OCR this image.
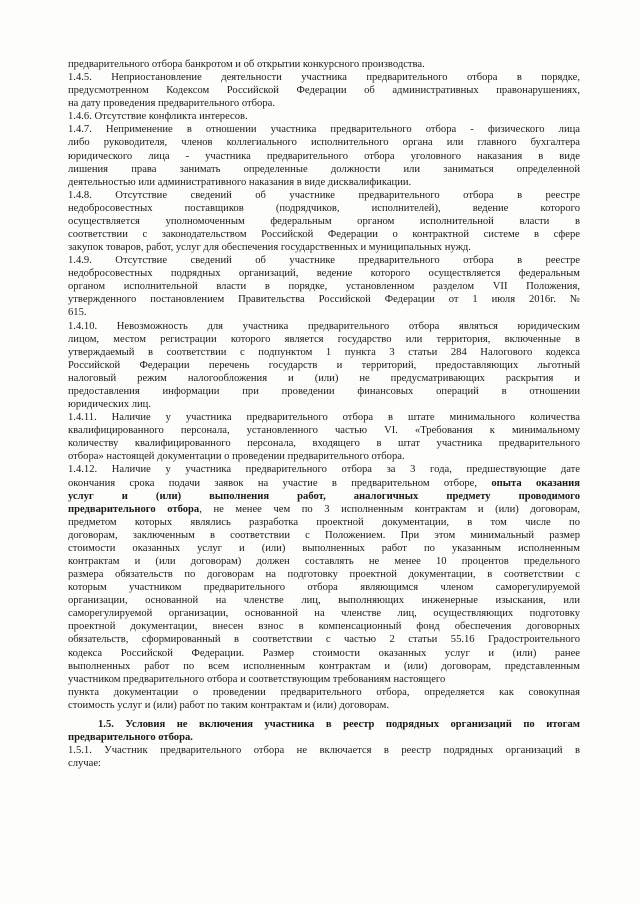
предварительного отбора банкротом и об открытии конкурсного производства.
1.4.5. Неприостановление деятельности участника предварительного отбора в порядке,
предусмотренном Кодексом Российской Федерации об административных правонарушениях,
на дату проведения предварительного отбора.
1.4.6. Отсутствие конфликта интересов.
1.4.7. Неприменение в отношении участника предварительного отбора - физического лица
либо руководителя, членов коллегиального исполнительного органа или главного бухгалтера
юридического лица - участника предварительного отбора уголовного наказания в виде
лишения права занимать определенные должности или заниматься определенной
деятельностью или административного наказания в виде дисквалификации.
1.4.8. Отсутствие сведений об участнике предварительного отбора в реестре
недобросовестных поставщиков (подрядчиков, исполнителей), ведение которого
осуществляется уполномоченным федеральным органом исполнительной власти в
соответствии с законодательством Российской Федерации о контрактной системе в сфере
закупок товаров, работ, услуг для обеспечения государственных и муниципальных нужд.
1.4.9. Отсутствие сведений об участнике предварительного отбора в реестре
недобросовестных подрядных организаций, ведение которого осуществляется федеральным
органом исполнительной власти в порядке, установленном разделом VII Положения,
утвержденного постановлением Правительства Российской Федерации от 1 июля 2016г. №
615.
1.4.10. Невозможность для участника предварительного отбора являться юридическим
лицом, местом регистрации которого является государство или территория, включенные в
утверждаемый в соответствии с подпунктом 1 пункта 3 статьи 284 Налогового кодекса
Российской Федерации перечень государств и территорий, предоставляющих льготный
налоговый режим налогообложения и (или) не предусматривающих раскрытия и
предоставления информации при проведении финансовых операций в отношении
юридических лиц.
1.4.11. Наличие у участника предварительного отбора в штате минимального количества
квалифицированного персонала, установленного частью VI. «Требования к минимальному
количеству квалифицированного персонала, входящего в штат участника предварительного
отбора» настоящей документации о проведении предварительного отбора.
1.4.12. Наличие у участника предварительного отбора за 3 года, предшествующие дате
окончания срока подачи заявок на участие в предварительном отборе, опыта оказания
услуг и (или) выполнения работ, аналогичных предмету проводимого
предварительного отбора, не менее чем по 3 исполненным контрактам и (или) договорам,
предметом которых являлись разработка проектной документации, в том числе по
договорам, заключенным в соответствии с Положением. При этом минимальный размер
стоимости оказанных услуг и (или) выполненных работ по указанным исполненным
контрактам и (или договорам) должен составлять не менее 10 процентов предельного
размера обязательств по договорам на подготовку проектной документации, в соответствии с
которым участником предварительного отбора являющимся членом саморегулируемой
организации, основанной на членстве лиц, выполняющих инженерные изыскания, или
саморегулируемой организации, основанной на членстве лиц, осуществляющих подготовку
проектной документации, внесен взнос в компенсационный фонд обеспечения договорных
обязательств, сформированный в соответствии с частью 2 статьи 55.16 Градостроительного
кодекса Российской Федерации. Размер стоимости оказанных услуг и (или) ранее
выполненных работ по всем исполненным контрактам и (или) договорам, представленным
участником предварительного отбора и соответствующим требованиям настоящего
пункта документации о проведении предварительного отбора, определяется как совокупная
стоимость услуг и (или) работ по таким контрактам и (или) договорам.
1.5. Условия не включения участника в реестр подрядных организаций по итогам
предварительного отбора.
1.5.1. Участник предварительного отбора не включается в реестр подрядных организаций в
случае:
